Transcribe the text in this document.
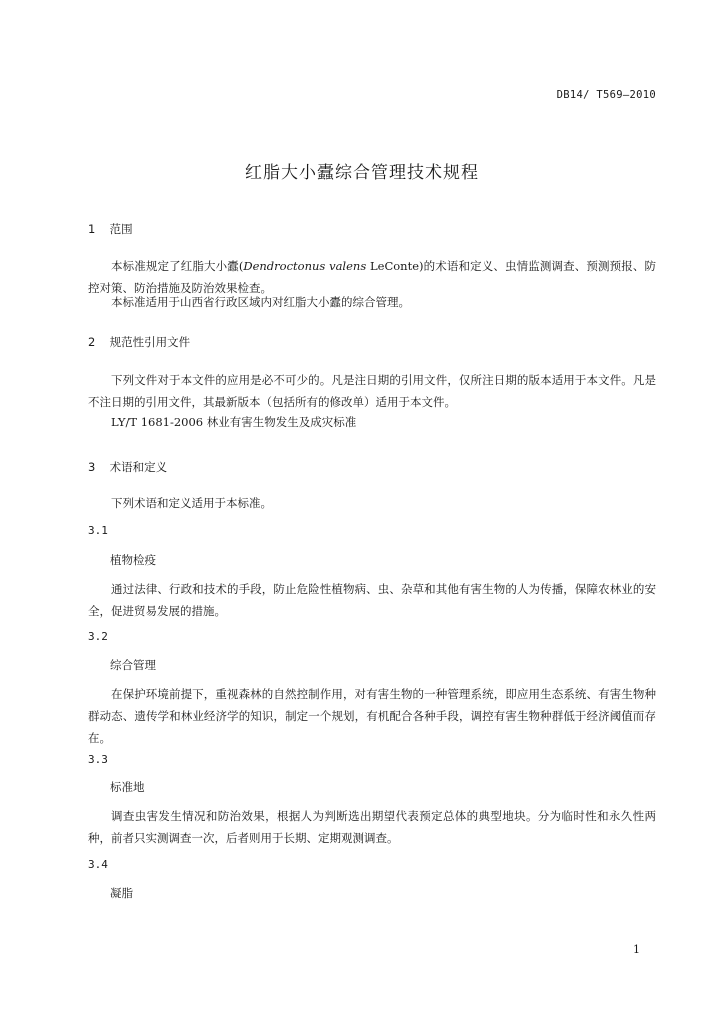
DB14/ T569—2010
红脂大小蠹综合管理技术规程
1 范围
本标准规定了红脂大小蠹(Dendroctonus valens LeConte)的术语和定义、虫情监测调查、预测预报、防控对策、防治措施及防治效果检查。
本标准适用于山西省行政区域内对红脂大小蠹的综合管理。
2 规范性引用文件
下列文件对于本文件的应用是必不可少的。凡是注日期的引用文件，仅所注日期的版本适用于本文件。凡是不注日期的引用文件，其最新版本（包括所有的修改单）适用于本文件。
LY/T 1681-2006 林业有害生物发生及成灾标准
3 术语和定义
下列术语和定义适用于本标准。
3.1
植物检疫
通过法律、行政和技术的手段，防止危险性植物病、虫、杂草和其他有害生物的人为传播，保障农林业的安全，促进贸易发展的措施。
3.2
综合管理
在保护环境前提下，重视森林的自然控制作用，对有害生物的一种管理系统，即应用生态系统、有害生物种群动态、遗传学和林业经济学的知识，制定一个规划，有机配合各种手段，调控有害生物种群低于经济阈值而存在。
3.3
标准地
调查虫害发生情况和防治效果，根据人为判断选出期望代表预定总体的典型地块。分为临时性和永久性两种，前者只实测调查一次，后者则用于长期、定期观测调查。
3.4
凝脂
1
